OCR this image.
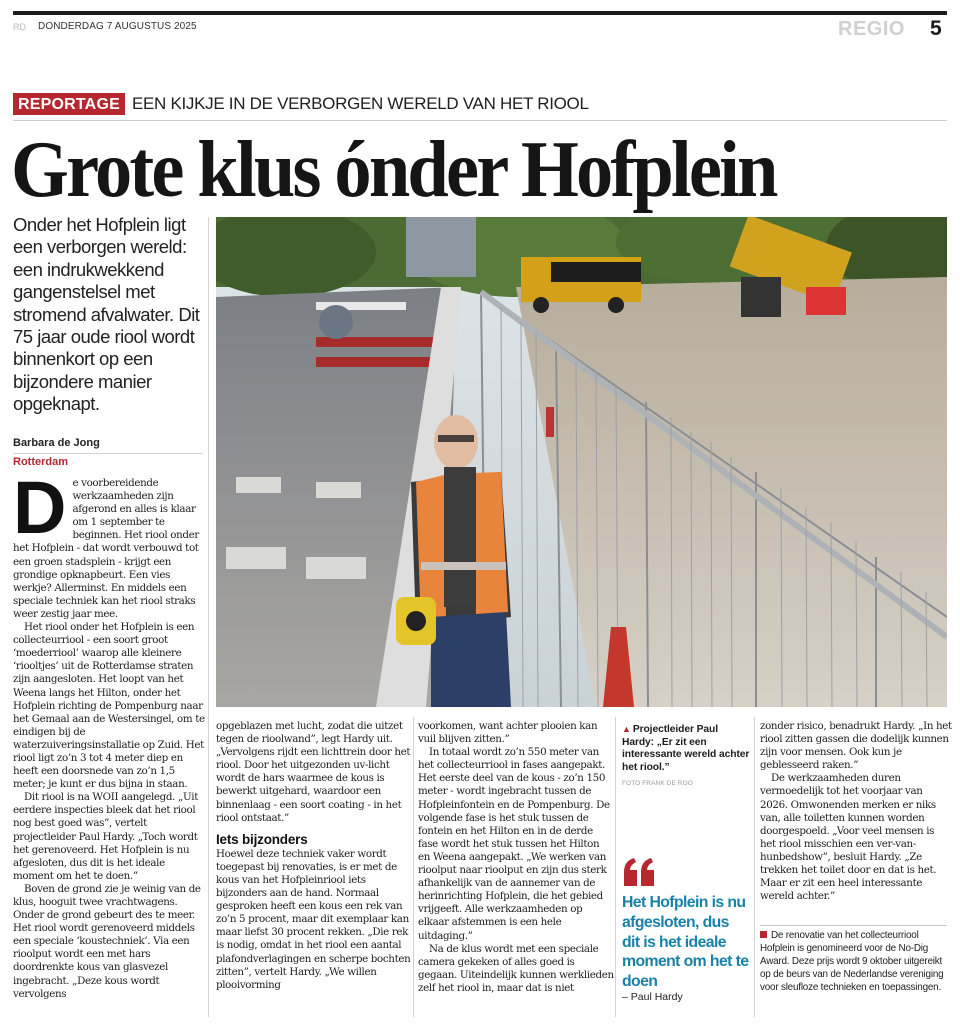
RD DONDERDAG 7 AUGUSTUS 2025	REGIO 5
REPORTAGE EEN KIJKJE IN DE VERBORGEN WERELD VAN HET RIOOL
Grote klus ónder Hofplein
Onder het Hofplein ligt een verborgen wereld: een indrukwekkend gangenstelsel met stromend afvalwater. Dit 75 jaar oude riool wordt binnenkort op een bijzondere manier opgeknapt.
Barbara de Jong
Rotterdam

De voorbereidende werkzaamheden zijn afgerond en alles is klaar om 1 september te beginnen. Het riool onder het Hofplein - dat wordt verbouwd tot een groen stadsplein - krijgt een grondige opknapbeurt. Een vies werkje? Allerminst. En middels een speciale techniek kan het riool straks weer zestig jaar mee.

Het riool onder het Hofplein is een collecteurriool - een soort groot ‘moederriool’ waarop alle kleinere ‘riooltjes’ uit de Rotterdamse straten zijn aangesloten. Het loopt van het Weena langs het Hilton, onder het Hofplein richting de Pompenburg naar het Gemaal aan de Westersingel, om te eindigen bij de waterzuiveringsinstallatie op Zuid. Het riool ligt zo’n 3 tot 4 meter diep en heeft een doorsnede van zo’n 1,5 meter; je kunt er dus bijna in staan.

Dit riool is na WOII aangelegd. „Uit eerdere inspecties bleek dat het riool nog best goed was”, vertelt projectleider Paul Hardy. „Toch wordt het gerenoveerd. Het Hofplein is nu afgesloten, dus dit is het ideale moment om het te doen.”

Boven de grond zie je weinig van de klus, hooguit twee vrachtwagens. Onder de grond gebeurt des te meer. Het riool wordt gerenoveerd middels een speciale ‘koustechniek’. Via een rioolput wordt een met hars doordrenkte kous van glasvezel ingebracht. „Deze kous wordt vervolgens

opgeblazen met lucht, zodat die uitzet tegen de rioolwand”, legt Hardy uit. „Vervolgens rijdt een lichttrein door het riool. Door het uitgezonden uv-licht wordt de hars waarmee de kous is bewerkt uitgehard, waardoor een binnenlaag - een soort coating - in het riool ontstaat.”

Iets bijzonders

Hoewel deze techniek vaker wordt toegepast bij renovaties, is er met de kous van het Hofpleinriool iets bijzonders aan de hand. Normaal gesproken heeft een kous een rek van zo’n 5 procent, maar dit exemplaar kan maar liefst 30 procent rekken. „Die rek is nodig, omdat in het riool een aantal plafondverlagingen en scherpe bochten zitten”, vertelt Hardy. „We willen plooivorming

voorkomen, want achter plooien kan vuil blijven zitten.”

In totaal wordt zo’n 550 meter van het collecteurriool in fases aangepakt. Het eerste deel van de kous - zo’n 150 meter - wordt ingebracht tussen de Hofpleinfontein en de Pompenburg. De volgende fase is het stuk tussen de fontein en het Hilton en in de derde fase wordt het stuk tussen het Hilton en Weena aangepakt. „We werken van rioolput naar rioolput en zijn dus sterk afhankelijk van de aannemer van de herinrichting Hofplein, die het gebied vrijgeeft. Alle werkzaamheden op elkaar afstemmen is een hele uitdaging.”

Na de klus wordt met een speciale camera gekeken of alles goed is gegaan. Uiteindelijk kunnen werklieden zelf het riool in, maar dat is niet

▲ Projectleider Paul Hardy: „Er zit een interessante wereld achter het riool.”
FOTO FRANK DE ROO
Het Hofplein is nu afgesloten, dus dit is het ideale moment om het te doen
– Paul Hardy

zonder risico, benadrukt Hardy. „In het riool zitten gassen die dodelijk kunnen zijn voor mensen. Ook kun je geblesseerd raken.”

De werkzaamheden duren vermoedelijk tot het voorjaar van 2026. Omwonenden merken er niks van, alle toiletten kunnen worden doorgespoeld. „Voor veel mensen is het riool misschien een ver-van-hunbedshow”, besluit Hardy. „Ze trekken het toilet door en dat is het. Maar er zit een heel interessante wereld achter.”

De renovatie van het collecteurriool Hofplein is genomineerd voor de No-Dig Award. Deze prijs wordt 9 oktober uitgereikt op de beurs van de Nederlandse vereniging voor sleufloze technieken en toepassingen.
